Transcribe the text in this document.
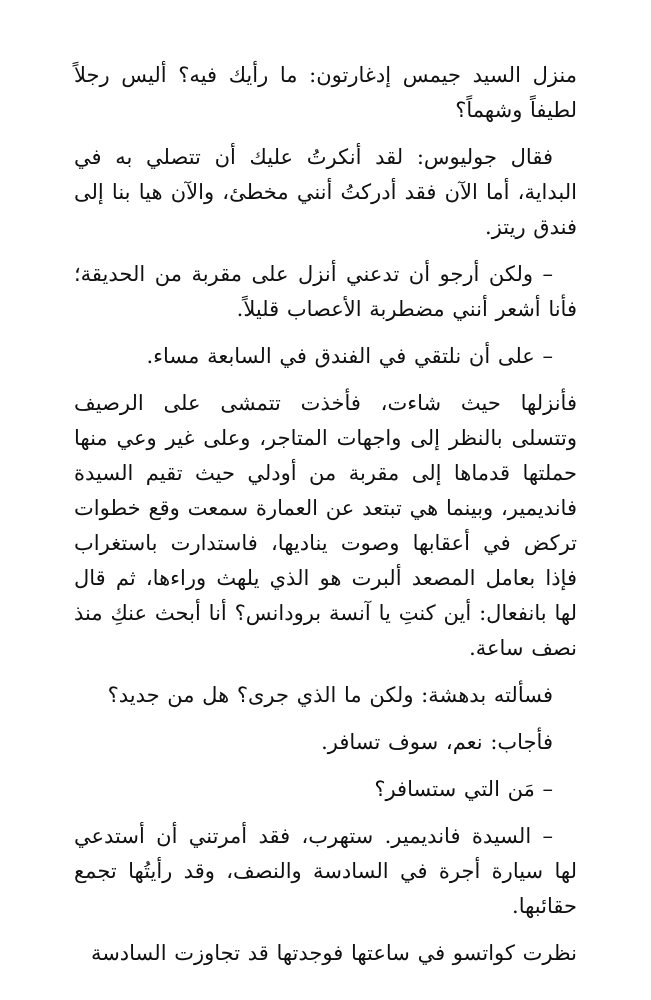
منزل السيد جيمس إدغارتون: ما رأيك فيه؟ أليس رجلاً لطيفاً وشهماً؟

فقال جوليوس: لقد أنكرتُ عليك أن تتصلي به في البداية، أما الآن فقد أدركتُ أنني مخطئ، والآن هيا بنا إلى فندق ريتز.

– ولكن أرجو أن تدعني أنزل على مقربة من الحديقة؛ فأنا أشعر أنني مضطربة الأعصاب قليلاً.

– على أن نلتقي في الفندق في السابعة مساء.

فأنزلها حيث شاءت، فأخذت تتمشى على الرصيف وتتسلى بالنظر إلى واجهات المتاجر، وعلى غير وعي منها حملتها قدماها إلى مقربة من أودلي حيث تقيم السيدة فانديمير، وبينما هي تبتعد عن العمارة سمعت وقع خطوات تركض في أعقابها وصوت يناديها، فاستدارت باستغراب فإذا بعامل المصعد ألبرت هو الذي يلهث وراءها، ثم قال لها بانفعال: أين كنتِ يا آنسة برودانس؟ أنا أبحث عنكِ منذ نصف ساعة.

فسألته بدهشة: ولكن ما الذي جرى؟ هل من جديد؟

فأجاب: نعم، سوف تسافر.

– مَن التي ستسافر؟

– السيدة فانديمير. ستهرب، فقد أمرتني أن أستدعي لها سيارة أجرة في السادسة والنصف، وقد رأيتُها تجمع حقائبها.

نظرت كواتسو في ساعتها فوجدتها قد تجاوزت السادسة
